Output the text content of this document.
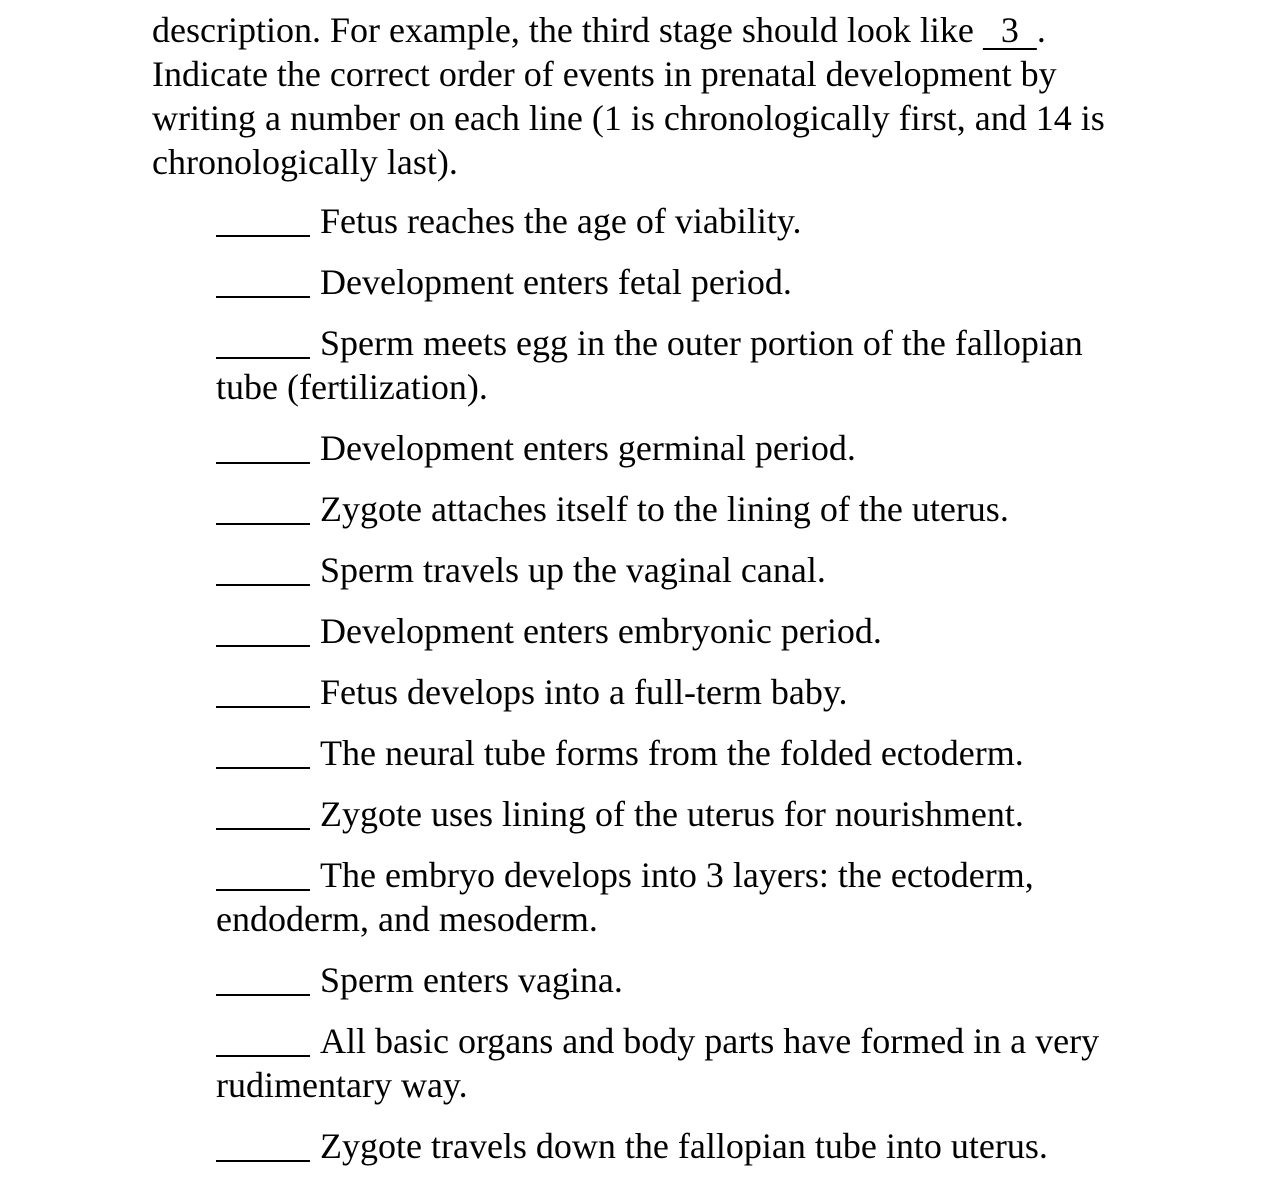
description. For example, the third stage should look like  3 . Indicate the correct order of events in prenatal development by writing a number on each line (1 is chronologically first, and 14 is chronologically last).

Fetus reaches the age of viability.

Development enters fetal period.

Sperm meets egg in the outer portion of the fallopian tube (fertilization).

Development enters germinal period.

Zygote attaches itself to the lining of the uterus.

Sperm travels up the vaginal canal.

Development enters embryonic period.

Fetus develops into a full-term baby.

The neural tube forms from the folded ectoderm.

Zygote uses lining of the uterus for nourishment.

The embryo develops into 3 layers: the ectoderm, endoderm, and mesoderm.

Sperm enters vagina.

All basic organs and body parts have formed in a very rudimentary way.

Zygote travels down the fallopian tube into uterus.
